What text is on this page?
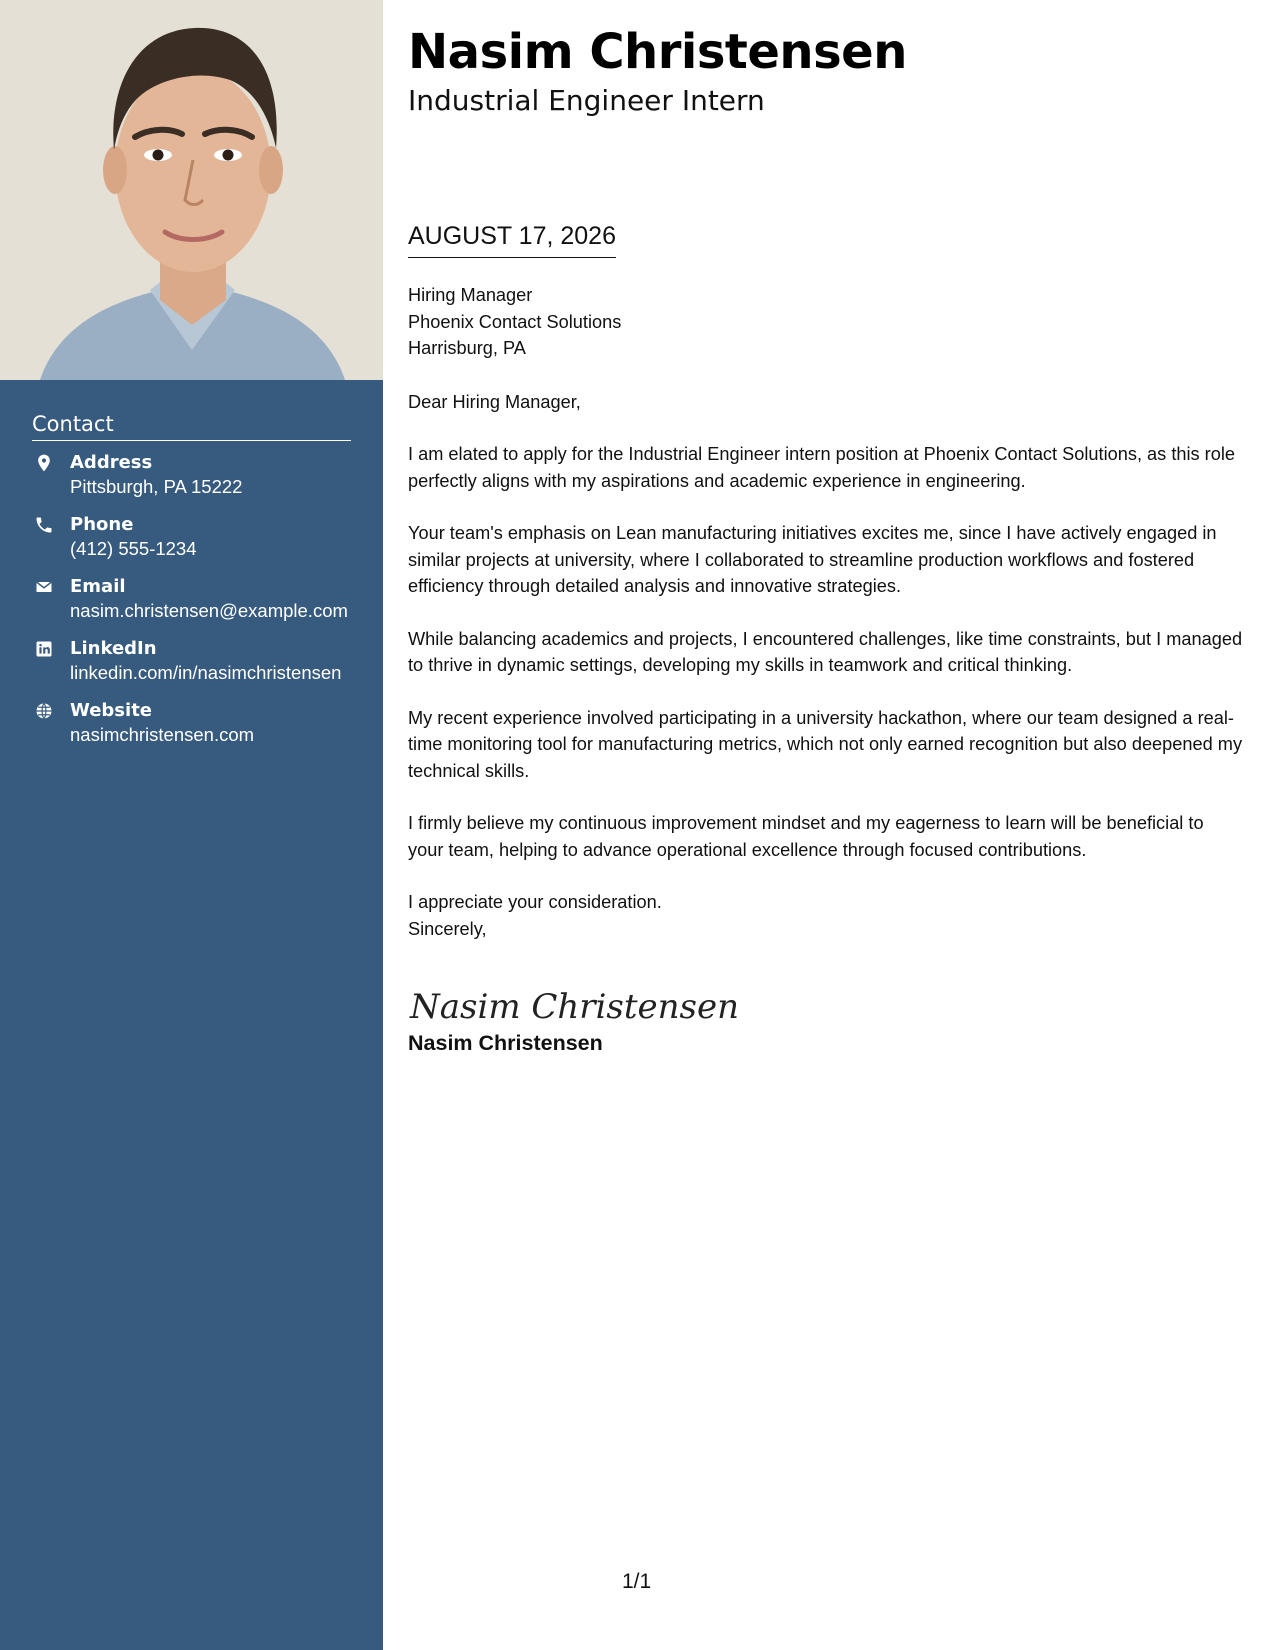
Contact
Address
Pittsburgh, PA 15222
Phone
(412) 555-1234
Email
nasim.christensen@example.com
LinkedIn
linkedin.com/in/nasimchristensen
Website
nasimchristensen.com
Nasim Christensen
Industrial Engineer Intern
AUGUST 17, 2026

Hiring Manager

Phoenix Contact Solutions

Harrisburg, PA

Dear Hiring Manager,

I am elated to apply for the Industrial Engineer intern position at Phoenix Contact Solutions, as this role perfectly aligns with my aspirations and academic experience in engineering.

Your team's emphasis on Lean manufacturing initiatives excites me, since I have actively engaged in similar projects at university, where I collaborated to streamline production workflows and fostered efficiency through detailed analysis and innovative strategies.

While balancing academics and projects, I encountered challenges, like time constraints, but I managed to thrive in dynamic settings, developing my skills in teamwork and critical thinking.

My recent experience involved participating in a university hackathon, where our team designed a real-time monitoring tool for manufacturing metrics, which not only earned recognition but also deepened my technical skills.

I firmly believe my continuous improvement mindset and my eagerness to learn will be beneficial to your team, helping to advance operational excellence through focused contributions.

I appreciate your consideration.

Sincerely,

Nasim Christensen

Nasim Christensen

1/1
